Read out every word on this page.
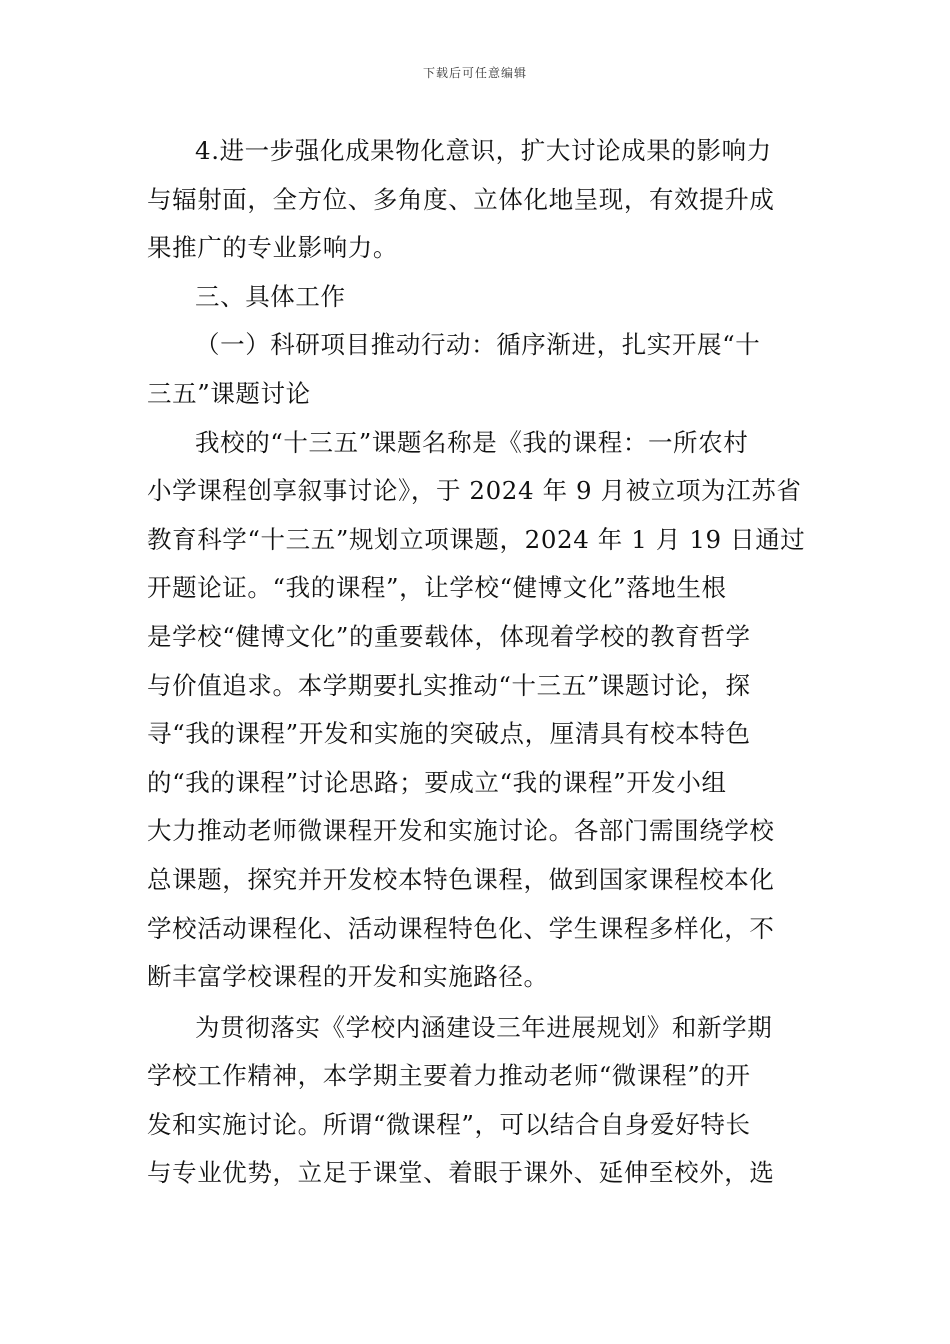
下载后可任意编辑
4.进一步强化成果物化意识，扩大讨论成果的影响力
与辐射面，全方位、多角度、立体化地呈现，有效提升成
果推广的专业影响力。
三、具体工作
（一）科研项目推动行动：循序渐进，扎实开展“十
三五”课题讨论
我校的“十三五”课题名称是《我的课程：一所农村
小学课程创享叙事讨论》，于 2024 年 9 月被立项为江苏省
教育科学“十三五”规划立项课题，2024 年 1 月 19 日通过
开题论证。“我的课程”，让学校“健博文化”落地生根
是学校“健博文化”的重要载体，体现着学校的教育哲学
与价值追求。本学期要扎实推动“十三五”课题讨论，探
寻“我的课程”开发和实施的突破点，厘清具有校本特色
的“我的课程”讨论思路；要成立“我的课程”开发小组
大力推动老师微课程开发和实施讨论。各部门需围绕学校
总课题，探究并开发校本特色课程，做到国家课程校本化
学校活动课程化、活动课程特色化、学生课程多样化，不
断丰富学校课程的开发和实施路径。
为贯彻落实《学校内涵建设三年进展规划》和新学期
学校工作精神，本学期主要着力推动老师“微课程”的开
发和实施讨论。所谓“微课程”，可以结合自身爱好特长
与专业优势，立足于课堂、着眼于课外、延伸至校外，选
